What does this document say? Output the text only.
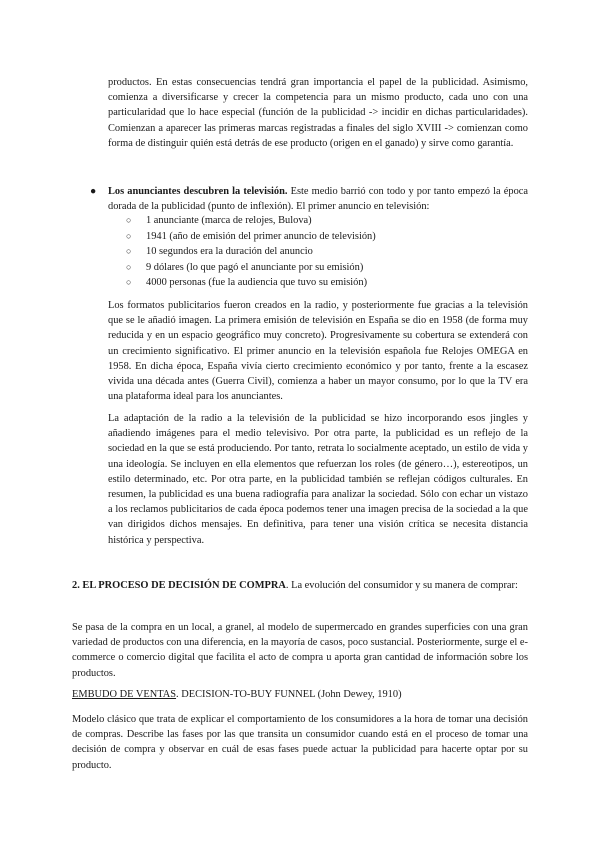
productos. En estas consecuencias tendrá gran importancia el papel de la publicidad. Asimismo, comienza a diversificarse y crecer la competencia para un mismo producto, cada uno con una particularidad que lo hace especial (función de la publicidad -> incidir en dichas particularidades). Comienzan a aparecer las primeras marcas registradas a finales del siglo XVIII -> comienzan como forma de distinguir quién está detrás de ese producto (origen en el ganado) y sirve como garantía.

●	Los anunciantes descubren la televisión. Este medio barrió con todo y por tanto empezó la época dorada de la publicidad (punto de inflexión). El primer anuncio en televisión:
○ 1 anunciante (marca de relojes, Bulova)
○ 1941 (año de emisión del primer anuncio de televisión)
○ 10 segundos era la duración del anuncio
○ 9 dólares (lo que pagó el anunciante por su emisión)
○ 4000 personas (fue la audiencia que tuvo su emisión)

Los formatos publicitarios fueron creados en la radio, y posteriormente fue gracias a la televisión que se le añadió imagen. La primera emisión de televisión en España se dio en 1958 (de forma muy reducida y en un espacio geográfico muy concreto). Progresivamente su cobertura se extenderá con un crecimiento significativo. El primer anuncio en la televisión española fue Relojes OMEGA en 1958. En dicha época, España vivía cierto crecimiento económico y por tanto, frente a la escasez vivida una década antes (Guerra Civil), comienza a haber un mayor consumo, por lo que la TV era una plataforma ideal para los anunciantes.

La adaptación de la radio a la televisión de la publicidad se hizo incorporando esos jingles y añadiendo imágenes para el medio televisivo. Por otra parte, la publicidad es un reflejo de la sociedad en la que se está produciendo. Por tanto, retrata lo socialmente aceptado, un estilo de vida y una ideología. Se incluyen en ella elementos que refuerzan los roles (de género…), estereotipos, un estilo determinado, etc. Por otra parte, en la publicidad también se reflejan códigos culturales. En resumen, la publicidad es una buena radiografía para analizar la sociedad. Sólo con echar un vistazo a los reclamos publicitarios de cada época podemos tener una imagen precisa de la sociedad a la que van dirigidos dichos mensajes. En definitiva, para tener una visión crítica se necesita distancia histórica y perspectiva.

2. EL PROCESO DE DECISIÓN DE COMPRA. La evolución del consumidor y su manera de comprar:

Se pasa de la compra en un local, a granel, al modelo de supermercado en grandes superficies con una gran variedad de productos con una diferencia, en la mayoría de casos, poco sustancial. Posteriormente, surge el e-commerce o comercio digital que facilita el acto de compra u aporta gran cantidad de información sobre los productos.

EMBUDO DE VENTAS. DECISION-TO-BUY FUNNEL (John Dewey, 1910)

Modelo clásico que trata de explicar el comportamiento de los consumidores a la hora de tomar una decisión de compras. Describe las fases por las que transita un consumidor cuando está en el proceso de tomar una decisión de compra y observar en cuál de esas fases puede actuar la publicidad para hacerte optar por su producto.
